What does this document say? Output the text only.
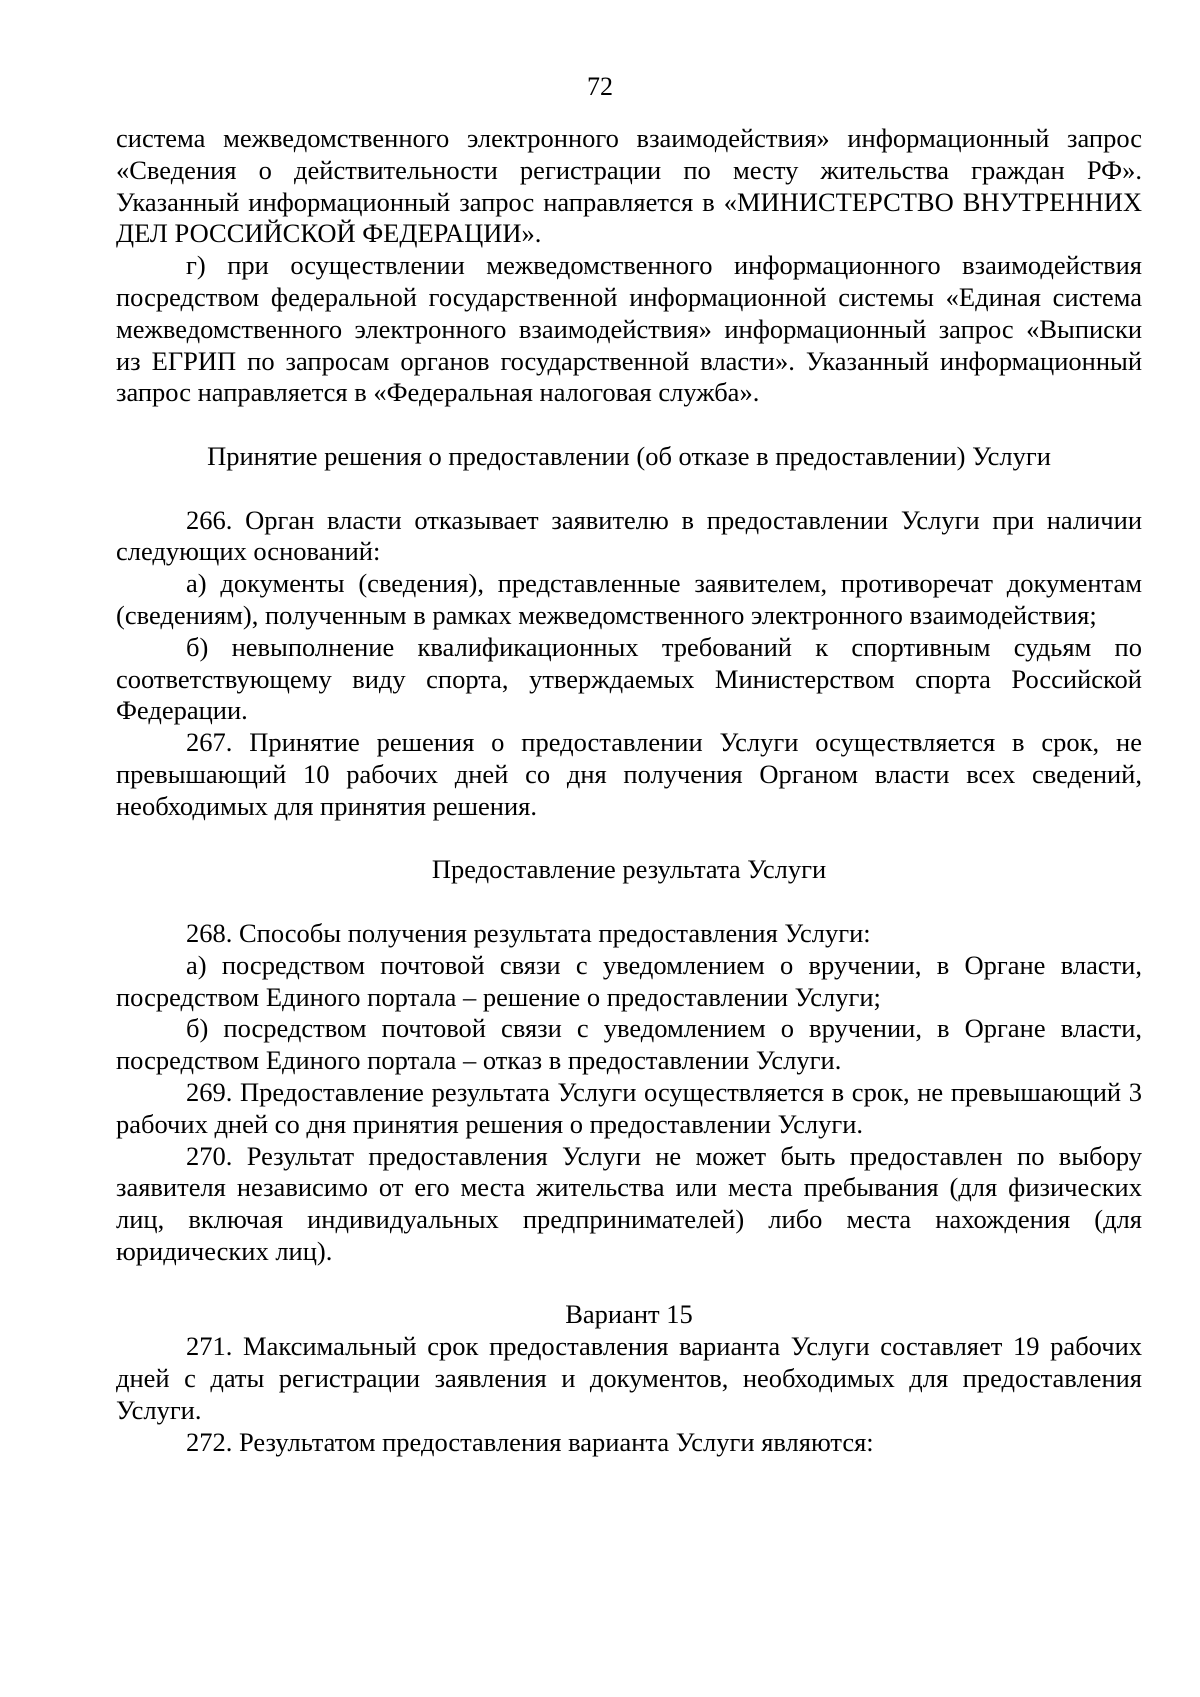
72

система межведомственного электронного взаимодействия» информационный запрос «Сведения о действительности регистрации по месту жительства граждан РФ». Указанный информационный запрос направляется в «МИНИСТЕРСТВО ВНУТРЕННИХ ДЕЛ РОССИЙСКОЙ ФЕДЕРАЦИИ».

г) при осуществлении межведомственного информационного взаимодействия посредством федеральной государственной информационной системы «Единая система межведомственного электронного взаимодействия» информационный запрос «Выписки из ЕГРИП по запросам органов государственной власти». Указанный информационный запрос направляется в «Федеральная налоговая служба».

Принятие решения о предоставлении (об отказе в предоставлении) Услуги

266. Орган власти отказывает заявителю в предоставлении Услуги при наличии следующих оснований:

а) документы (сведения), представленные заявителем, противоречат документам (сведениям), полученным в рамках межведомственного электронного взаимодействия;

б) невыполнение квалификационных требований к спортивным судьям по соответствующему виду спорта, утверждаемых Министерством спорта Российской Федерации.

267. Принятие решения о предоставлении Услуги осуществляется в срок, не превышающий 10 рабочих дней со дня получения Органом власти всех сведений, необходимых для принятия решения.

Предоставление результата Услуги

268. Способы получения результата предоставления Услуги:

а) посредством почтовой связи с уведомлением о вручении, в Органе власти, посредством Единого портала – решение о предоставлении Услуги;

б) посредством почтовой связи с уведомлением о вручении, в Органе власти, посредством Единого портала – отказ в предоставлении Услуги.

269. Предоставление результата Услуги осуществляется в срок, не превышающий 3 рабочих дней со дня принятия решения о предоставлении Услуги.

270. Результат предоставления Услуги не может быть предоставлен по выбору заявителя независимо от его места жительства или места пребывания (для физических лиц, включая индивидуальных предпринимателей) либо места нахождения (для юридических лиц).

Вариант 15

271. Максимальный срок предоставления варианта Услуги составляет 19 рабочих дней с даты регистрации заявления и документов, необходимых для предоставления Услуги.

272. Результатом предоставления варианта Услуги являются:
